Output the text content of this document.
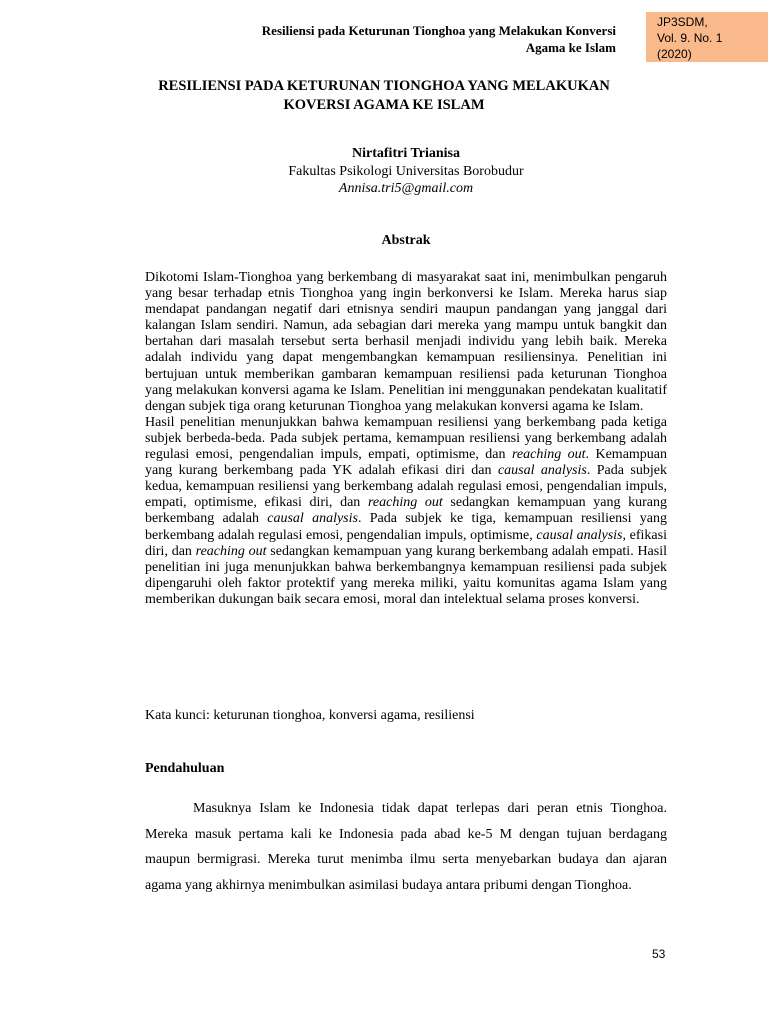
Resiliensi pada Keturunan Tionghoa yang Melakukan Konversi
Agama ke Islam
JP3SDM,
Vol. 9. No. 1
(2020)
RESILIENSI PADA KETURUNAN TIONGHOA YANG MELAKUKAN
KOVERSI AGAMA KE ISLAM
Nirtafitri Trianisa
Fakultas Psikologi Universitas Borobudur
Annisa.tri5@gmail.com
Abstrak

Dikotomi Islam-Tionghoa yang berkembang di masyarakat saat ini, menimbulkan pengaruh yang besar terhadap etnis Tionghoa yang ingin berkonversi ke Islam. Mereka harus siap mendapat pandangan negatif dari etnisnya sendiri maupun pandangan yang janggal dari kalangan Islam sendiri. Namun, ada sebagian dari mereka yang mampu untuk bangkit dan bertahan dari masalah tersebut serta berhasil menjadi individu yang lebih baik. Mereka adalah individu yang dapat mengembangkan kemampuan resiliensinya. Penelitian ini bertujuan untuk memberikan gambaran kemampuan resiliensi pada keturunan Tionghoa yang melakukan konversi agama ke Islam. Penelitian ini menggunakan pendekatan kualitatif dengan subjek tiga orang keturunan Tionghoa yang melakukan konversi agama ke Islam.

Hasil penelitian menunjukkan bahwa kemampuan resiliensi yang berkembang pada ketiga subjek berbeda-beda. Pada subjek pertama, kemampuan resiliensi yang berkembang adalah regulasi emosi, pengendalian impuls, empati, optimisme, dan reaching out. Kemampuan yang kurang berkembang pada YK adalah efikasi diri dan causal analysis. Pada subjek kedua, kemampuan resiliensi yang berkembang adalah regulasi emosi, pengendalian impuls, empati, optimisme, efikasi diri, dan reaching out sedangkan kemampuan yang kurang berkembang adalah causal analysis. Pada subjek ke tiga, kemampuan resiliensi yang berkembang adalah regulasi emosi, pengendalian impuls, optimisme, causal analysis, efikasi diri, dan reaching out sedangkan kemampuan yang kurang berkembang adalah empati. Hasil penelitian ini juga menunjukkan bahwa berkembangnya kemampuan resiliensi pada subjek dipengaruhi oleh faktor protektif yang mereka miliki, yaitu komunitas agama Islam yang memberikan dukungan baik secara emosi, moral dan intelektual selama proses konversi.

Kata kunci: keturunan tionghoa, konversi agama, resiliensi
Pendahuluan

Masuknya Islam ke Indonesia tidak dapat terlepas dari peran etnis Tionghoa. Mereka masuk pertama kali ke Indonesia pada abad ke-5 M dengan tujuan berdagang maupun bermigrasi. Mereka turut menimba ilmu serta menyebarkan budaya dan ajaran agama yang akhirnya menimbulkan asimilasi budaya antara pribumi dengan Tionghoa.

53
